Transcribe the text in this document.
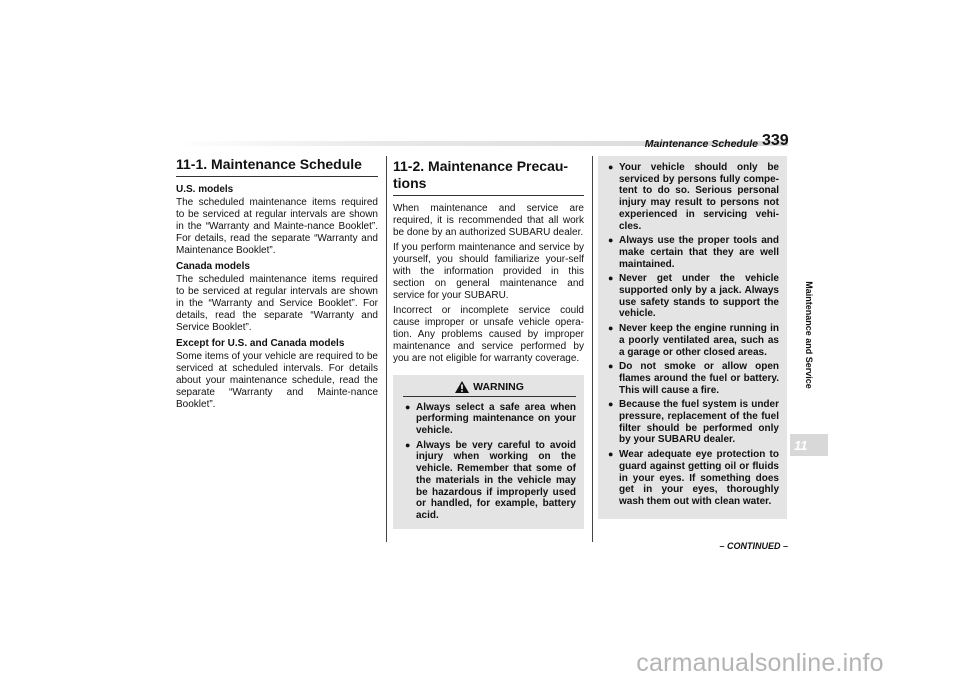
Maintenance Schedule 339
11-1. Maintenance Schedule
U.S. models

The scheduled maintenance items required to be serviced at regular intervals are shown in the “Warranty and Mainte-nance Booklet”. For details, read the separate “Warranty and Maintenance Booklet”.

Canada models

The scheduled maintenance items required to be serviced at regular intervals are shown in the “Warranty and Service Booklet”. For details, read the separate “Warranty and Service Booklet”.

Except for U.S. and Canada models

Some items of your vehicle are required to be serviced at scheduled intervals. For details about your maintenance schedule, read the separate “Warranty and Mainte-nance Booklet”.

11-2. Maintenance Precau-tions

When maintenance and service are required, it is recommended that all work be done by an authorized SUBARU dealer.

If you perform maintenance and service by yourself, you should familiarize your-self with the information provided in this section on general maintenance and service for your SUBARU.

Incorrect or incomplete service could cause improper or unsafe vehicle opera-tion. Any problems caused by improper maintenance and service performed by you are not eligible for warranty coverage.

WARNING
● Always select a safe area when performing maintenance on your vehicle.
● Always be very careful to avoid injury when working on the vehicle. Remember that some of the materials in the vehicle may be hazardous if improperly used or handled, for example, battery acid.
● Your vehicle should only be serviced by persons fully compe-tent to do so. Serious personal injury may result to persons not experienced in servicing vehi-cles.
● Always use the proper tools and make certain that they are well maintained.
● Never get under the vehicle supported only by a jack. Always use safety stands to support the vehicle.
● Never keep the engine running in a poorly ventilated area, such as a garage or other closed areas.
● Do not smoke or allow open flames around the fuel or battery. This will cause a fire.
● Because the fuel system is under pressure, replacement of the fuel filter should be performed only by your SUBARU dealer.
● Wear adequate eye protection to guard against getting oil or fluids in your eyes. If something does get in your eyes, thoroughly wash them out with clean water.
Maintenance and Service
11
– CONTINUED –
carmanualsonline.info
